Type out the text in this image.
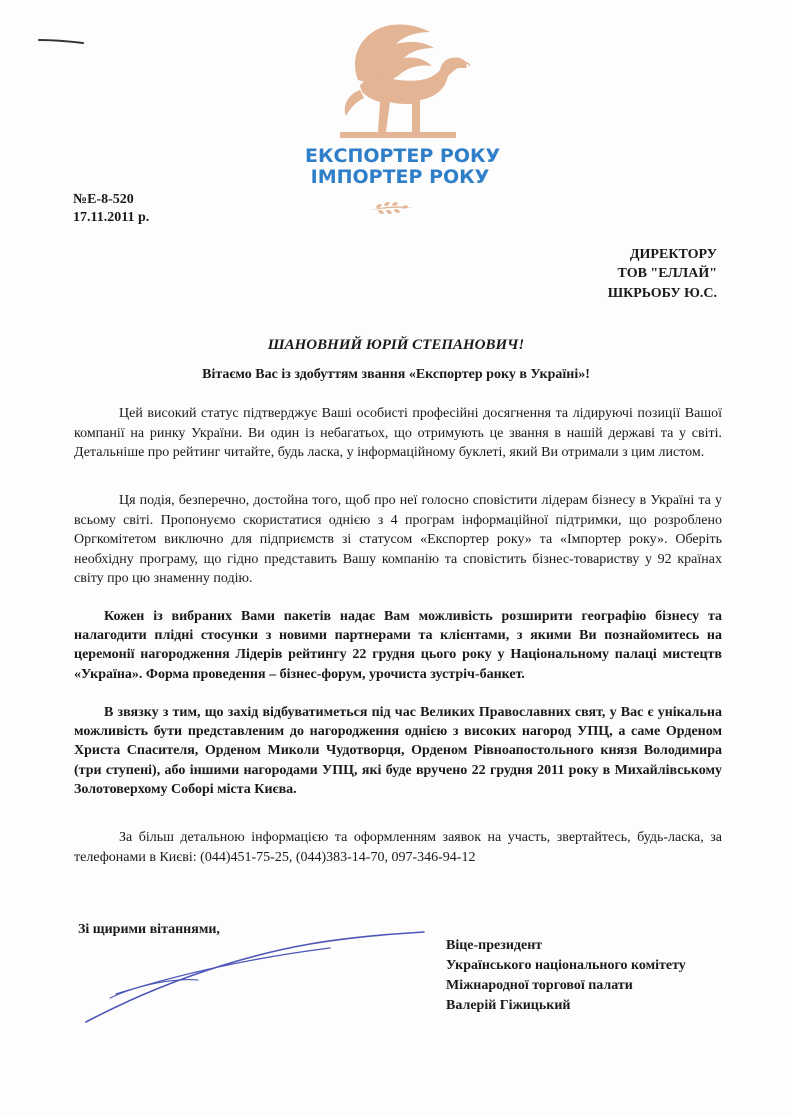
ЕКСПОРТЕР РОКУ
ІМПОРТЕР РОКУ
№Е-8-520
17.11.2011 р.
ДИРЕКТОРУ
ТОВ "ЕЛЛАЙ"
ШКРЬОБУ Ю.С.
ШАНОВНИЙ ЮРІЙ СТЕПАНОВИЧ!
Вітаємо Вас із здобуттям звання «Експортер року в Україні»!

Цей високий статус підтверджує Ваші особисті професійні досягнення та лідируючі позиції Вашої компанії на ринку України. Ви один із небагатьох, що отримують це звання в нашій державі та у світі. Детальніше про рейтинг читайте, будь ласка, у інформаційному буклеті, який Ви отримали з цим листом.

Ця подія, безперечно, достойна того, щоб про неї голосно сповістити лідерам бізнесу в Україні та у всьому світі. Пропонуємо скористатися однією з 4 програм інформаційної підтримки, що розроблено Оргкомітетом виключно для підприємств зі статусом «Експортер року» та «Імпортер року». Оберіть необхідну програму, що гідно представить Вашу компанію та сповістить бізнес-товариству у 92 країнах світу про цю знаменну подію.

Кожен із вибраних Вами пакетів надає Вам можливість розширити географію бізнесу та налагодити плідні стосунки з новими партнерами та клієнтами, з якими Ви познайомитесь на церемонії нагородження Лідерів рейтингу 22 грудня цього року у Національному палаці мистецтв «Україна». Форма проведення – бізнес-форум, урочиста зустріч-банкет.

В звязку з тим, що захід відбуватиметься під час Великих Православних свят, у Вас є унікальна можливість бути представленим до нагородження однією з високих нагород УПЦ, а саме Орденом Христа Спасителя, Орденом Миколи Чудотворця, Орденом Рівноапостольного князя Володимира (три ступені), або іншими нагородами УПЦ, які буде вручено 22 грудня 2011 року в Михайлівському Золотоверхому Соборі міста Києва.

За більш детальною інформацією та оформленням заявок на участь, звертайтесь, будь-ласка, за телефонами в Києві: (044)451-75-25, (044)383-14-70, 097-346-94-12

Зі щирими вітаннями,
Віце-президент
Українського національного комітету
Міжнародної торгової палати
Валерій Гіжицький
